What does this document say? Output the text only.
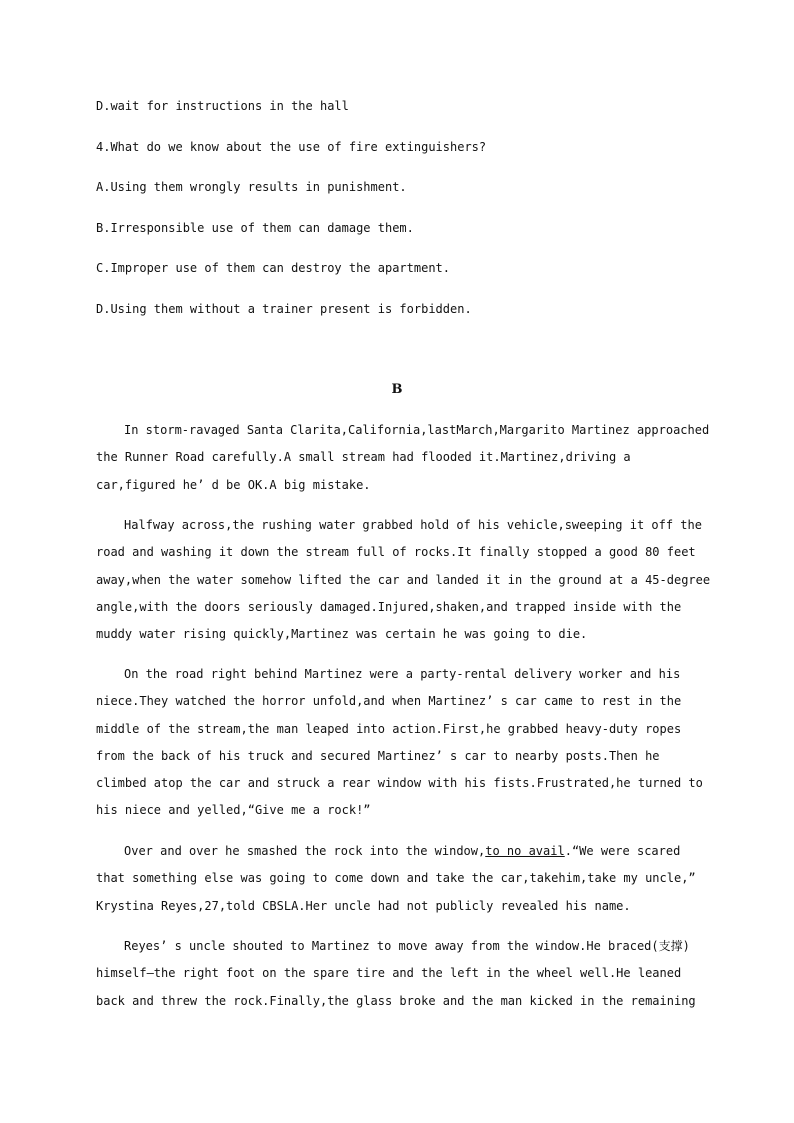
D.wait for instructions in the hall
4.What do we know about the use of fire extinguishers?
A.Using them wrongly results in punishment.
B.Irresponsible use of them can damage them.
C.Improper use of them can destroy the apartment.
D.Using them without a trainer present is forbidden.
B
In storm-ravaged Santa Clarita,California,lastMarch,Margarito Martinez approached
the Runner Road carefully.A small stream had flooded it.Martinez,driving a
car,figured he’ d be OK.A big mistake.
Halfway across,the rushing water grabbed hold of his vehicle,sweeping it off the
road and washing it down the stream full of rocks.It finally stopped a good 80 feet
away,when the water somehow lifted the car and landed it in the ground at a 45-degree
angle,with the doors seriously damaged.Injured,shaken,and trapped inside with the
muddy water rising quickly,Martinez was certain he was going to die.
On the road right behind Martinez were a party-rental delivery worker and his
niece.They watched the horror unfold,and when Martinez’ s car came to rest in the
middle of the stream,the man leaped into action.First,he grabbed heavy-duty ropes
from the back of his truck and secured Martinez’ s car to nearby posts.Then he
climbed atop the car and struck a rear window with his fists.Frustrated,he turned to
his niece and yelled,“Give me a rock!”
Over and over he smashed the rock into the window,to no avail.“We were scared
that something else was going to come down and take the car,takehim,take my uncle,”
Krystina Reyes,27,told CBSLA.Her uncle had not publicly revealed his name.
Reyes’ s uncle shouted to Martinez to move away from the window.He braced(支撑)
himself—the right foot on the spare tire and the left in the wheel well.He leaned
back and threw the rock.Finally,the glass broke and the man kicked in the remaining
